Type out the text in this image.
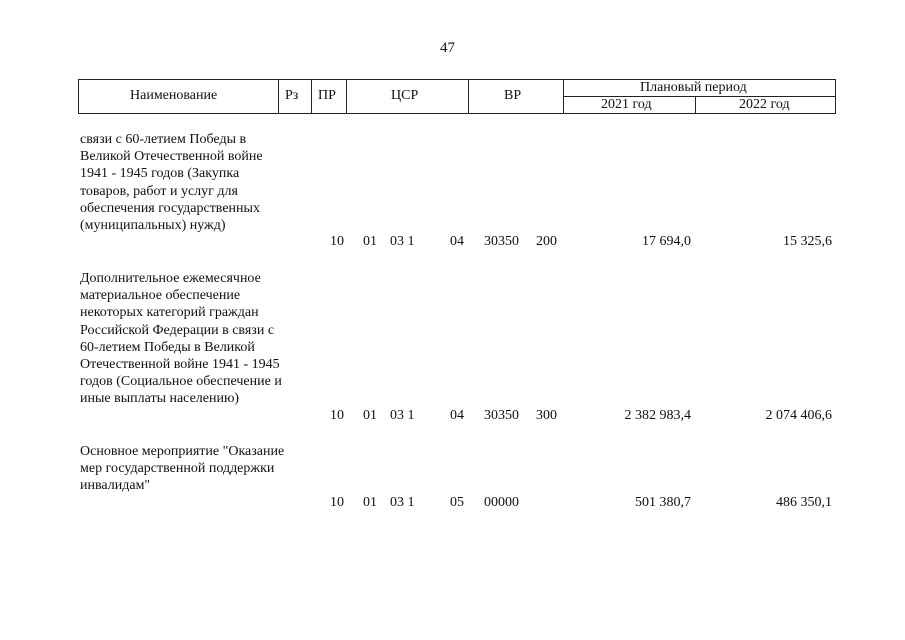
47
Наименование	Рз ПР	ЦСР	ВР
Плановый период
2021 год	2022 год
связи с 60-летием Победы в Великой Отечественной войне 1941 - 1945 годов (Закупка товаров, работ и услуг для обеспечения государственных (муниципальных) нужд)
10 01 03 1	04 30350 200	17 694,0	15 325,6
Дополнительное ежемесячное материальное обеспечение некоторых категорий граждан Российской Федерации в связи с 60-летием Победы в Великой Отечественной войне 1941 - 1945 годов (Социальное обеспечение и иные выплаты населению)
10 01 03 1	04 30350 300	2 382 983,4	2 074 406,6
Основное мероприятие "Оказание мер государственной поддержки инвалидам"
10 01 03 1	05 00000	501 380,7	486 350,1
